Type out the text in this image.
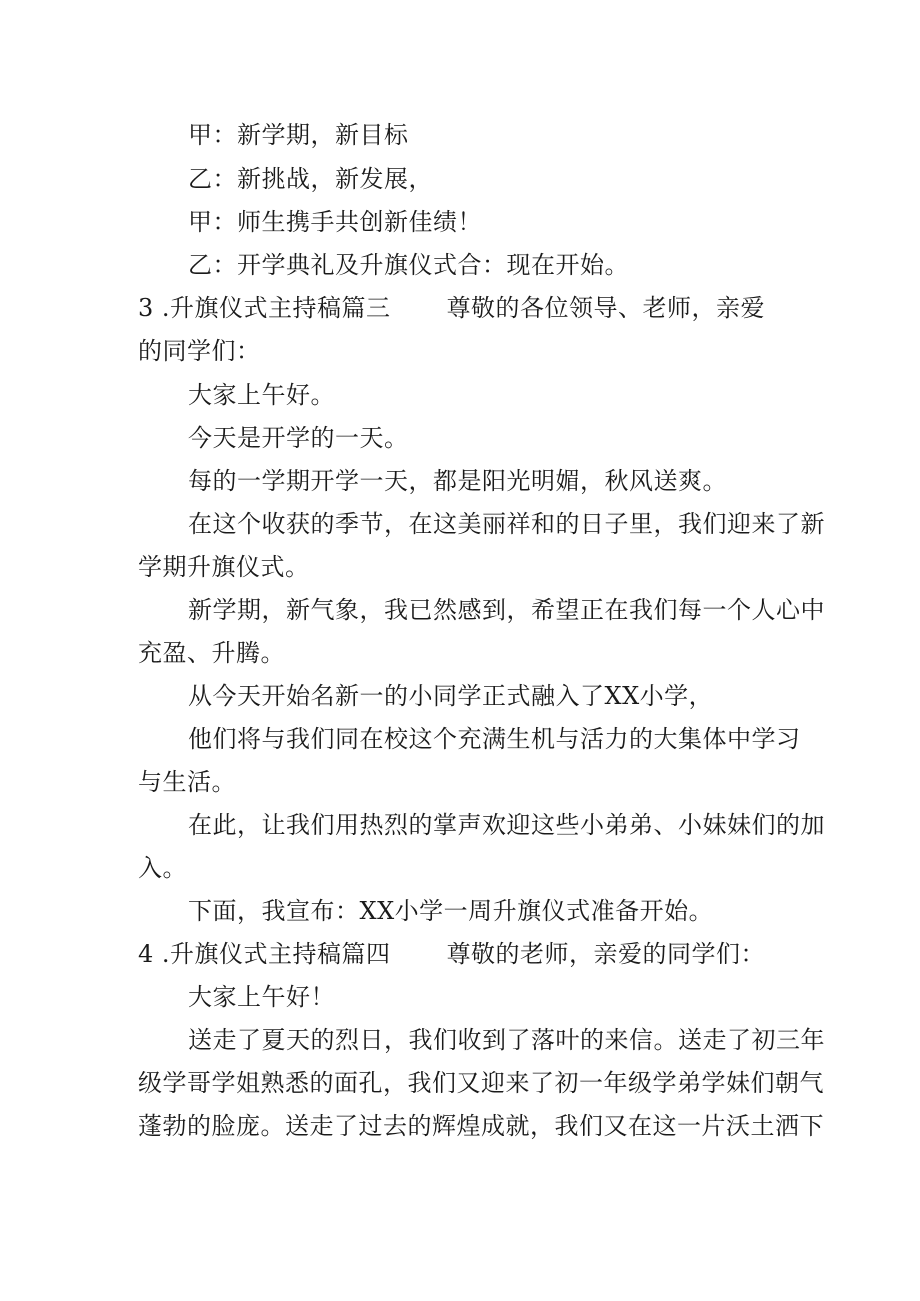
甲：新学期，新目标
乙：新挑战，新发展，
甲：师生携手共创新佳绩！
乙：开学典礼及升旗仪式合：现在开始。
3 .升旗仪式主持稿篇三 尊敬的各位领导、老师，亲爱
的同学们：
大家上午好。
今天是开学的一天。
每的一学期开学一天，都是阳光明媚，秋风送爽。
在这个收获的季节，在这美丽祥和的日子里，我们迎来了新
学期升旗仪式。
新学期，新气象，我已然感到，希望正在我们每一个人心中
充盈、升腾。
从今天开始名新一的小同学正式融入了XX小学，
他们将与我们同在校这个充满生机与活力的大集体中学习
与生活。
在此，让我们用热烈的掌声欢迎这些小弟弟、小妹妹们的加
入。
下面，我宣布：XX小学一周升旗仪式准备开始。
4 .升旗仪式主持稿篇四 尊敬的老师，亲爱的同学们：
大家上午好！
送走了夏天的烈日，我们收到了落叶的来信。送走了初三年
级学哥学姐熟悉的面孔，我们又迎来了初一年级学弟学妹们朝气
蓬勃的脸庞。送走了过去的辉煌成就，我们又在这一片沃土洒下
